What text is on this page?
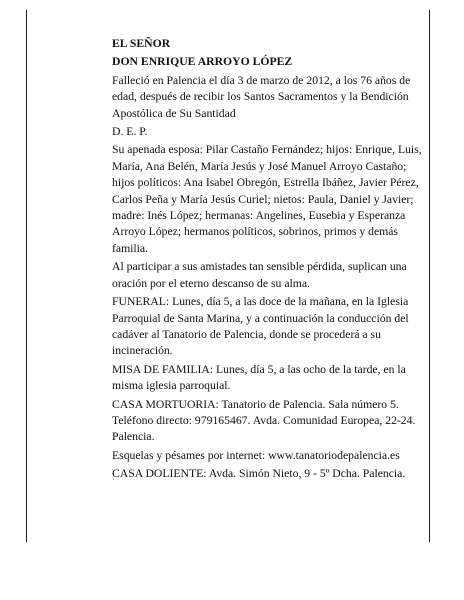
EL SEÑOR

DON ENRIQUE ARROYO LÓPEZ

Falleció en Palencia el día 3 de marzo de 2012, a los 76 años de edad, después de recibir los Santos Sacramentos y la Bendición Apostólica de Su Santidad

D. E. P.

Su apenada esposa: Pilar Castaño Fernández; hijos: Enrique, Luis, María, Ana Belén, María Jesús y José Manuel Arroyo Castaño; hijos políticos: Ana Isabel Obregón, Estrella Ibáñez, Javier Pérez, Carlos Peña y María Jesús Curiel; nietos: Paula, Daniel y Javier; madre: Inés López; hermanas: Angelines, Eusebia y Esperanza Arroyo López; hermanos políticos, sobrinos, primos y demás familia.

Al participar a sus amistades tan sensible pérdida, suplican una oración por el eterno descanso de su alma.

FUNERAL: Lunes, día 5, a las doce de la mañana, en la Iglesia Parroquial de Santa Marina, y a continuación la conducción del cadáver al Tanatorio de Palencia, donde se procederá a su incineración.

MISA DE FAMILIA: Lunes, día 5, a las ocho de la tarde, en la misma iglesia parroquial.

CASA MORTUORIA: Tanatorio de Palencia. Sala número 5. Teléfono directo: 979165467. Avda. Comunidad Europea, 22-24. Palencia.

Esquelas y pésames por internet: www.tanatoriodepalencia.es

CASA DOLIENTE: Avda. Simón Nieto, 9 - 5º Dcha. Palencia.
